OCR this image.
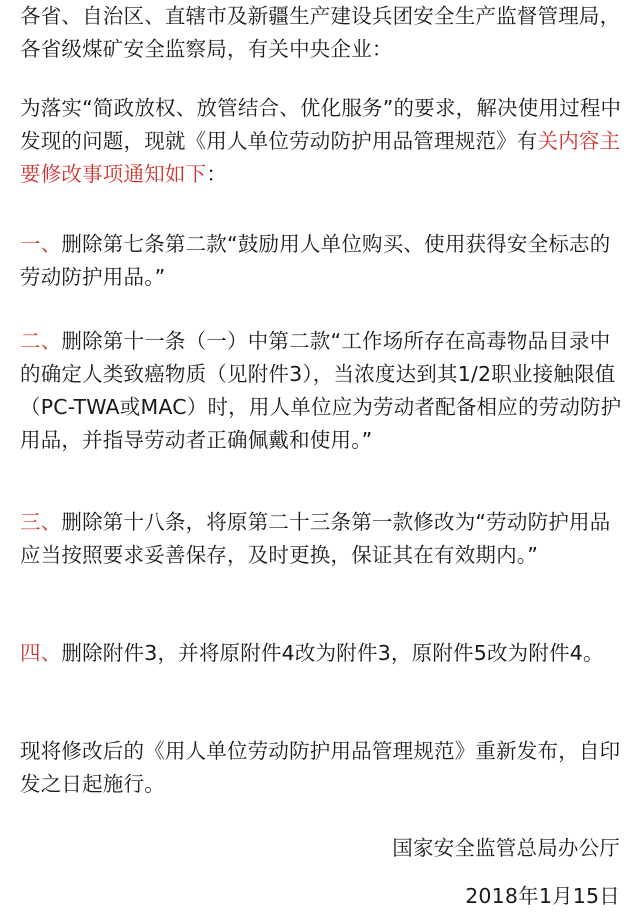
各省、自治区、直辖市及新疆生产建设兵团安全生产监督管理局，各省级煤矿安全监察局，有关中央企业：

为落实“简政放权、放管结合、优化服务”的要求，解决使用过程中发现的问题，现就《用人单位劳动防护用品管理规范》有关内容主要修改事项通知如下：

一、删除第七条第二款“鼓励用人单位购买、使用获得安全标志的劳动防护用品。”

二、删除第十一条（一）中第二款“工作场所存在高毒物品目录中的确定人类致癌物质（见附件3），当浓度达到其1/2职业接触限值（PC-TWA或MAC）时，用人单位应为劳动者配备相应的劳动防护用品，并指导劳动者正确佩戴和使用。”

三、删除第十八条，将原第二十三条第一款修改为“劳动防护用品应当按照要求妥善保存，及时更换，保证其在有效期内。”

四、删除附件3，并将原附件4改为附件3，原附件5改为附件4。

现将修改后的《用人单位劳动防护用品管理规范》重新发布，自印发之日起施行。

国家安全监管总局办公厅

2018年1月15日
